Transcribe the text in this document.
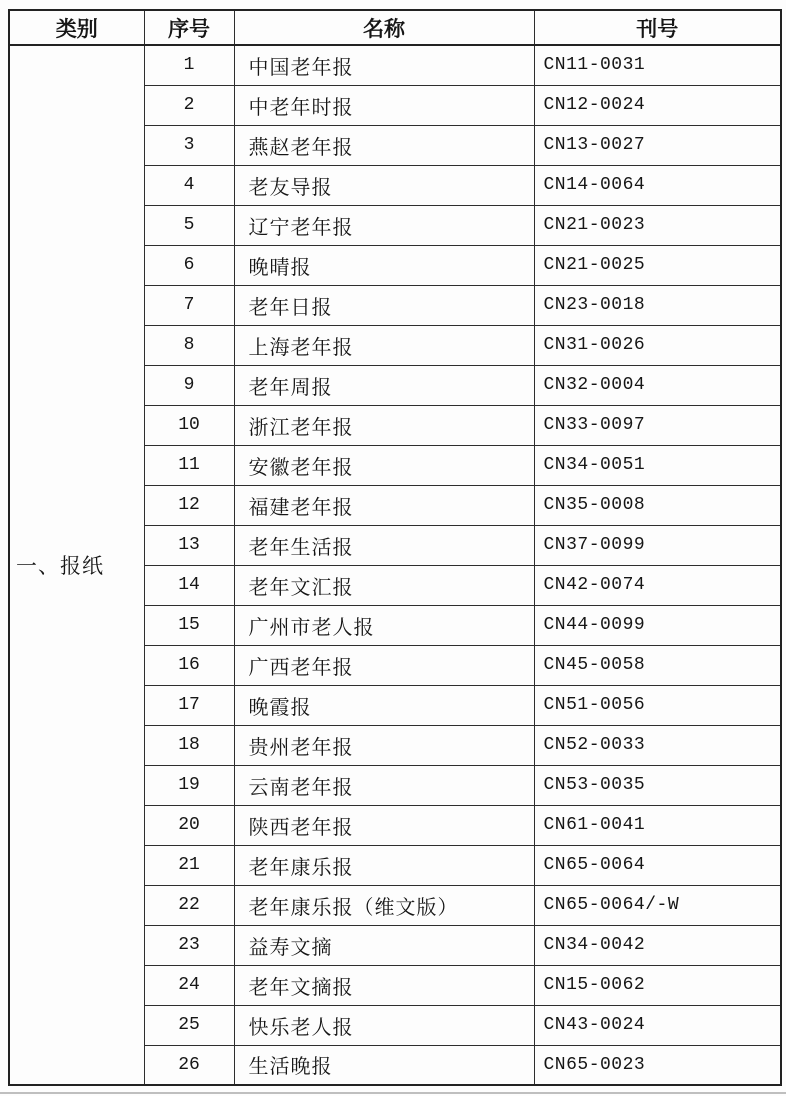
类别	序号	名称	刊号
一、报纸	1	中国老年报	CN11-0031
	2	中老年时报	CN12-0024
	3	燕赵老年报	CN13-0027
	4	老友导报	CN14-0064
	5	辽宁老年报	CN21-0023
	6	晚晴报	CN21-0025
	7	老年日报	CN23-0018
	8	上海老年报	CN31-0026
	9	老年周报	CN32-0004
	10	浙江老年报	CN33-0097
	11	安徽老年报	CN34-0051
	12	福建老年报	CN35-0008
	13	老年生活报	CN37-0099
	14	老年文汇报	CN42-0074
	15	广州市老人报	CN44-0099
	16	广西老年报	CN45-0058
	17	晚霞报	CN51-0056
	18	贵州老年报	CN52-0033
	19	云南老年报	CN53-0035
	20	陕西老年报	CN61-0041
	21	老年康乐报	CN65-0064
	22	老年康乐报（维文版）	CN65-0064/-W
	23	益寿文摘	CN34-0042
	24	老年文摘报	CN15-0062
	25	快乐老人报	CN43-0024
	26	生活晚报	CN65-0023
